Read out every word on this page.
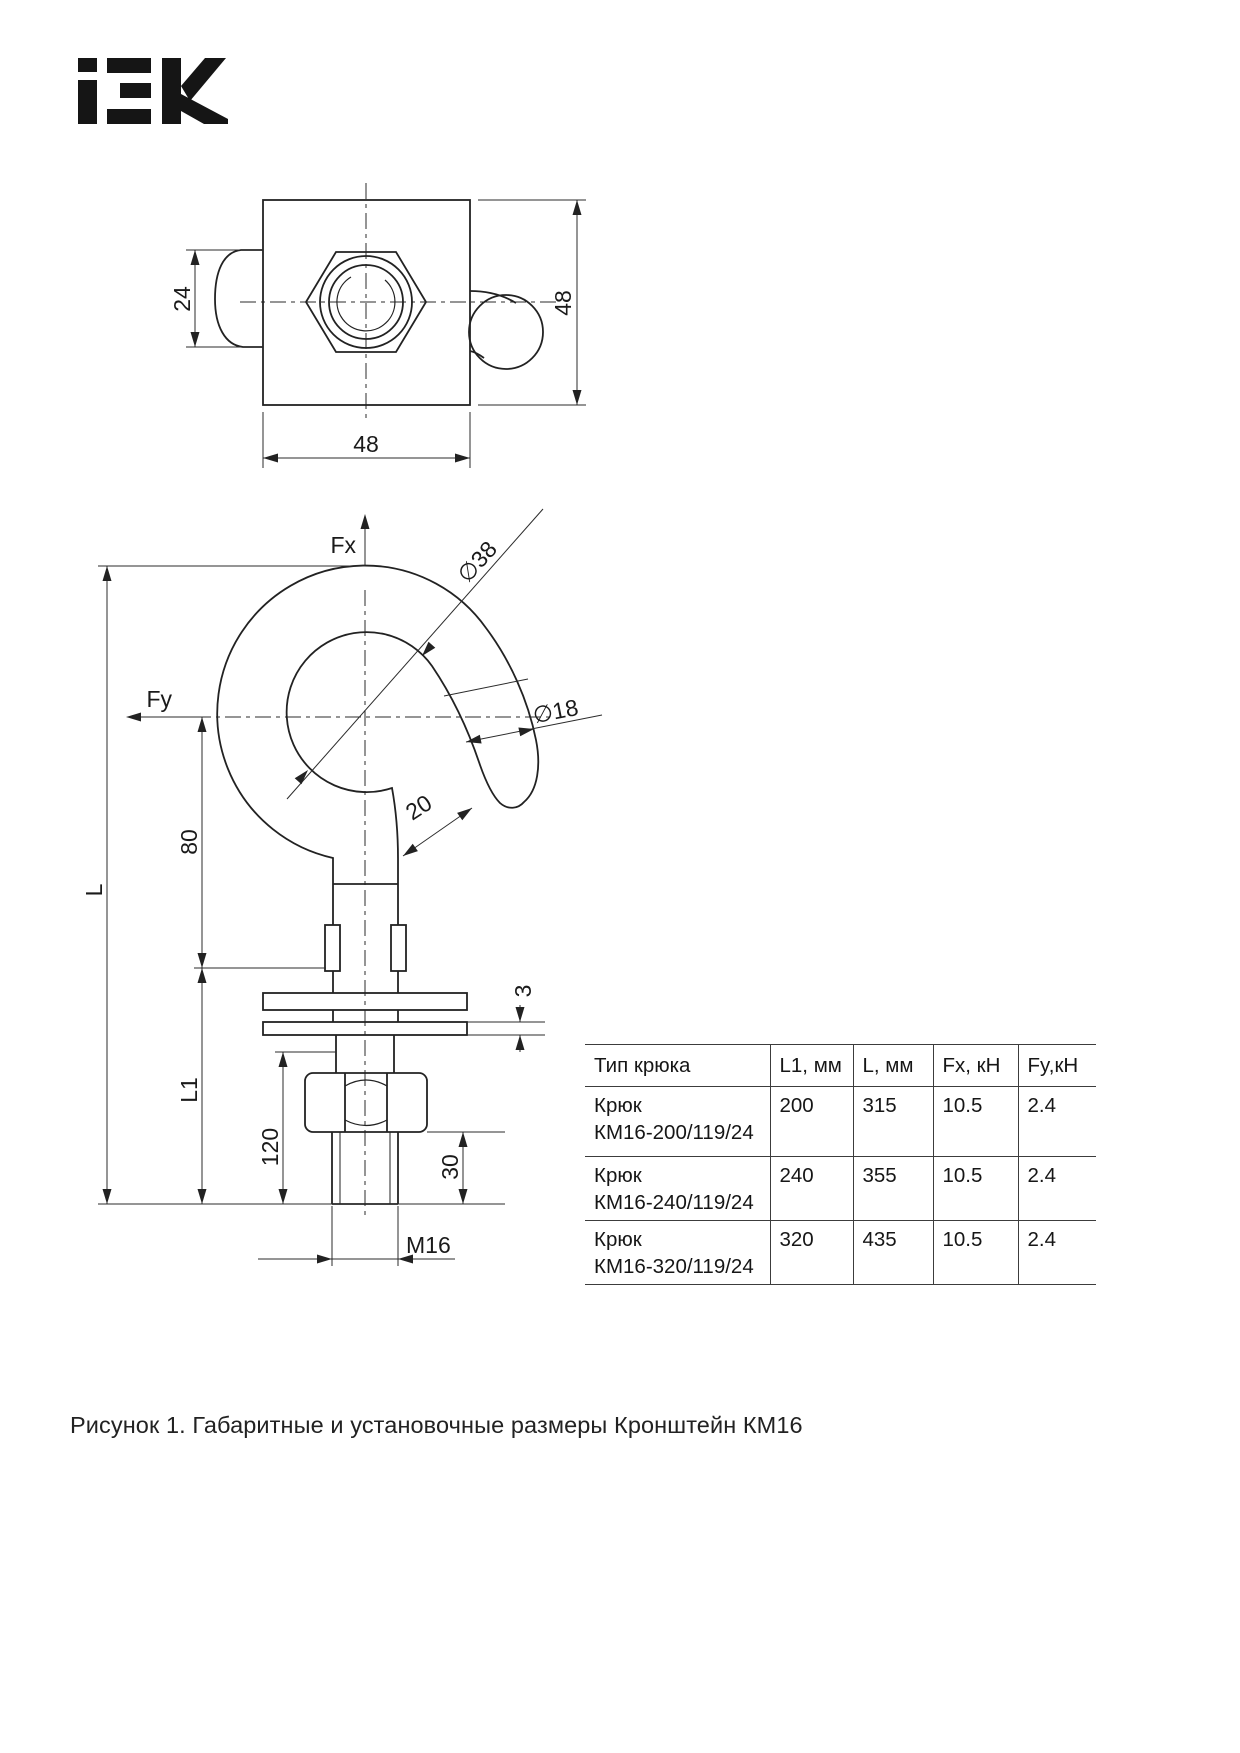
24	48
48
Fx
Fy
∅38
∅18
20
80
L
L1
120
30
3
M16
Тип крюка	L1, мм	L, мм	Fx, кН	Fy,кН

Крюк
КМ16-200/119/24	200	315	10.5	2.4

Крюк
КМ16-240/119/24	240	355	10.5	2.4

Крюк
КМ16-320/119/24	320	435	10.5	2.4
Рисунок 1. Габаритные и установочные размеры Кронштейн КМ16
